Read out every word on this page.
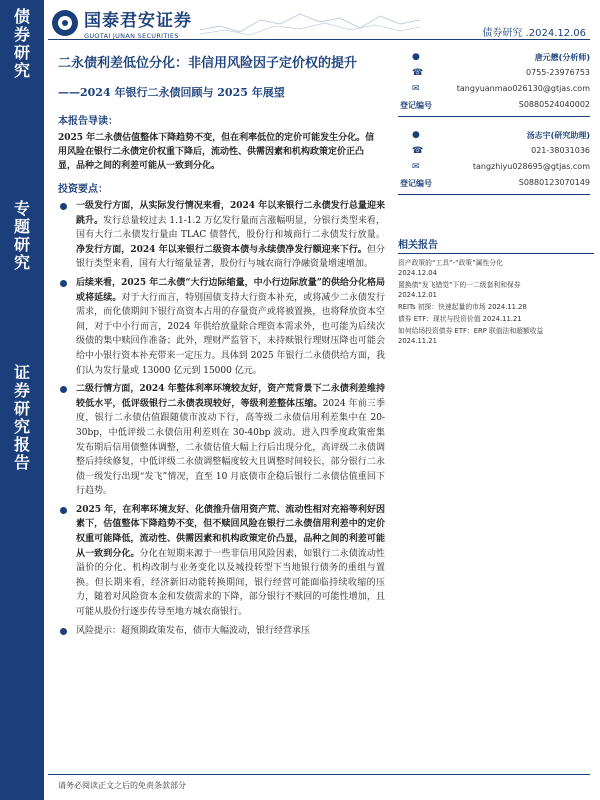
债
券
研
究
专
题
研
究
证
券
研
究
报
告
国泰君安证券
GUOTAI JUNAN SECURITIES	债券研究 .2024.12.06
二永债利差低位分化：非信用风险因子定价权的提升
——2024 年银行二永债回顾与 2025 年展望
本报告导读：

2025 年二永债估值整体下降趋势不变，但在利率低位的定价可能发生分化。信用风险在银行二永债定价权重下降后，流动性、供需因素和机构政策定价正凸显，品种之间的利差可能从一致到分化。

投资要点：
一级发行方面，从实际发行情况来看，2024 年以来银行二永债发行总量迎来跳升。发行总量较过去 1.1-1.2 万亿发行量而言涨幅明显，分银行类型来看，国有大行二永债发行量由 TLAC 债替代，股份行和城商行二永债发行放量。净发行方面，2024 年以来银行二级资本债与永续债净发行额迎来下行。但分银行类型来看，国有大行缩量显著，股份行与城农商行净融资量增速增加。
后续来看，2025 年二永债“大行边际缩量，中小行边际放量”的供给分化格局或将延续。对于大行而言，特别国债支持大行资本补充，或将减少二永债发行需求，而化债期间下银行高资本占用的存量资产或将被置换，也将释放资本空间，对于中小行而言，2024 年供给放量除合理资本需求外，也可能为后续次级债的集中赎回作准备；此外，理财严监管下，未持赎银行理财压降也可能会给中小银行资本补充带来一定压力。具体到 2025 年银行二永债供给方面，我们认为发行量或 13000 亿元到 15000 亿元。
二级行情方面，2024 年整体利率环境较友好，资产荒背景下二永债利差维持较低水平，低评级银行二永债表现较好，等级利差整体压缩。2024 年前三季度，银行二永债估值跟随债市波动下行，高等级二永债信用利差集中在 20-30bp，中低评级二永债信用利差则在 30-40bp 波动。进入四季度政策密集发布期后信用债整体调整，二永债估值大幅上行后出现分化，高评级二永债调整后持续修复，中低评级二永债调整幅度较大且调整时间较长，部分银行二永债一级发行出现“发飞”情况，直至 10 月底债市企稳后银行二永债估值重回下行趋势。
2025 年，在利率环境友好、化债推升信用资产荒、流动性相对充裕等利好因素下，估值整体下降趋势不变，但不赎回风险在银行二永债信用利差中的定价权重可能降低，流动性、供需因素和机构政策定价凸显，品种之间的利差可能从一致到分化。分化在短期来源于一些非信用风险因素，如银行二永债流动性溢价的分化、机构改制与业务变化以及城投转型下当地银行债务的重组与置换。但长期来看，经济新旧动能转换期间，银行经营可能面临持续收缩的压力，随着对风险资本金和发债需求的下降，部分银行不赎回的可能性增加，且可能从股份行逐步传导至地方城农商银行。
风险提示：超预期政策发布，债市大幅波动，银行经营承压
●	唐元懋(分析师)
☎	0755-23976753
✉	tangyuanmao026130@gtjas.com
登记编号	S0880524040002
●	汤志宇(研究助理)
☎	021-38031036
✉	tangzhiyu028695@gtjas.com
登记编号	S0880123070149
相关报告
资产政策的“工具”-“政策”属性分化
2024.12.04
置换债“发飞错觉”下的一二级套利和保券
2024.12.01
REITs 初探：快速起量的市场 2024.11.28
债券 ETF：现状与投资价值 2024.11.21
如何给场投资债券 ETF：ERP 联值法和超额收益
2024.11.21
请务必阅读正文之后的免责条款部分
